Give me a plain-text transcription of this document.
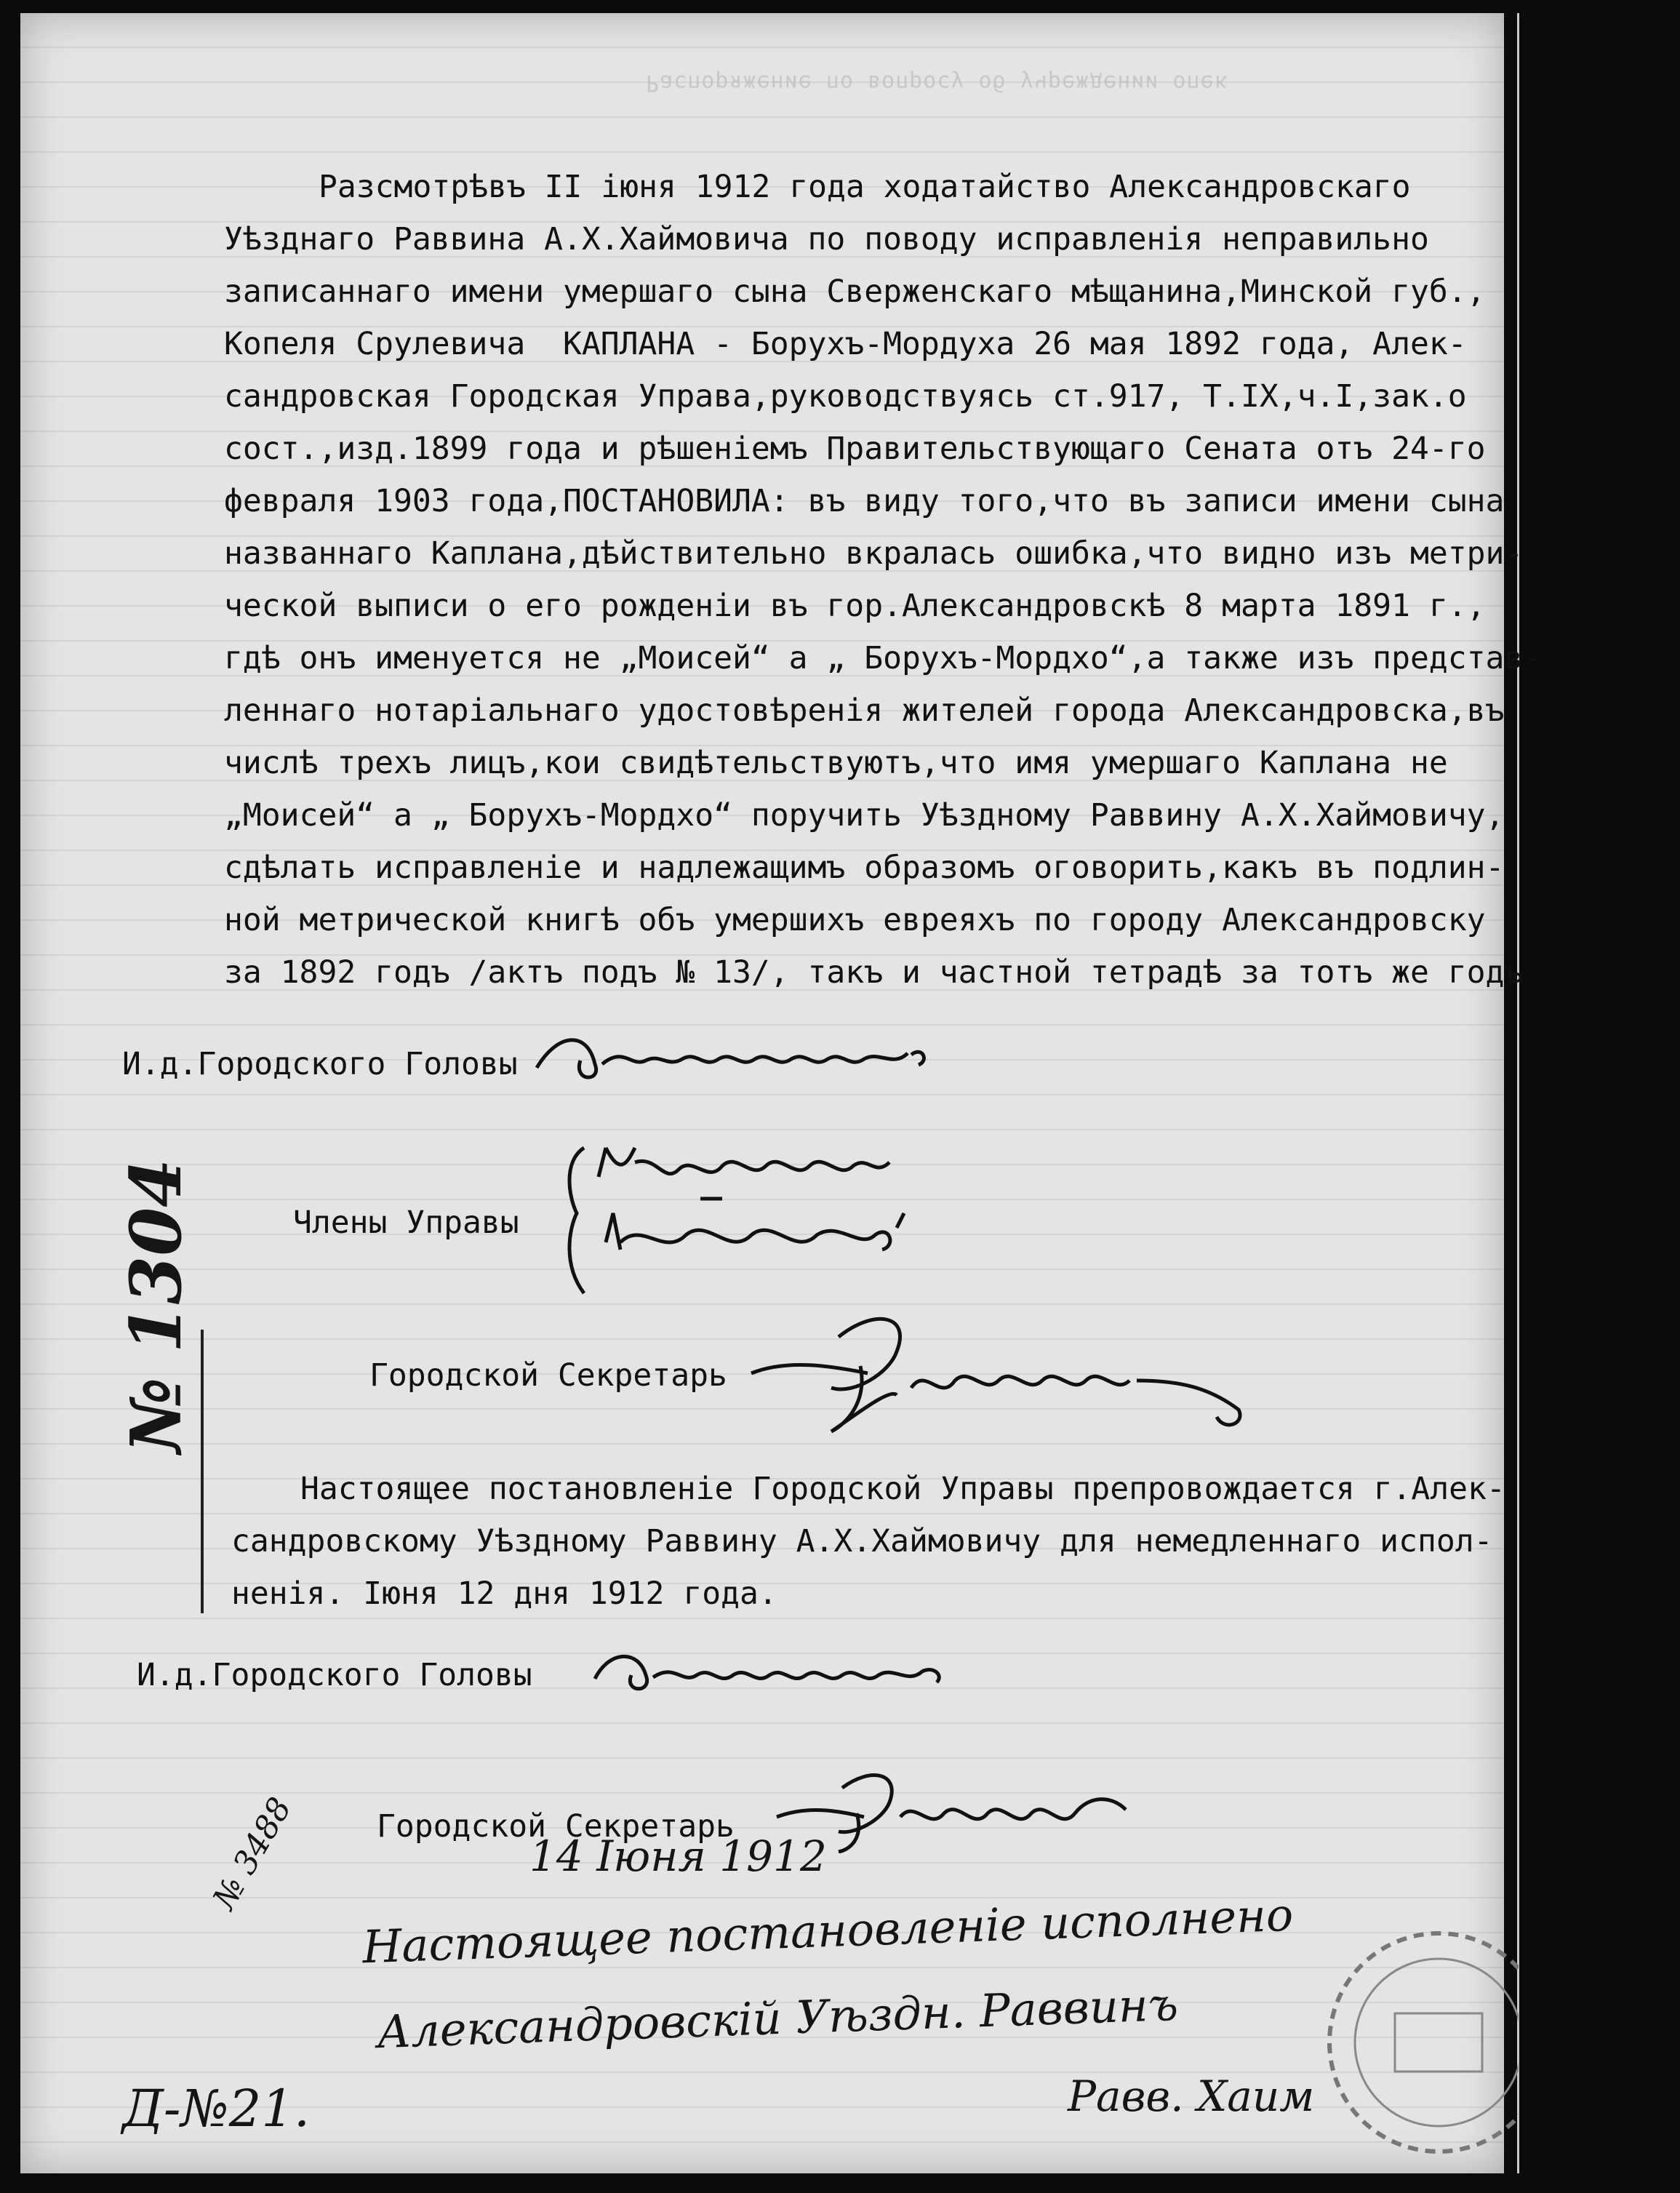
Распоряжение по вопросу об учреждении опек
Разсмотрѣвъ II іюня 1912 года ходатайство Александровскаго
Уѣзднаго Раввина А.Х.Хаймовича по поводу исправленія неправильно
записаннаго имени умершаго сына Сверженскаго мѣщанина,Минской губ.,
Копеля Срулевича  КАПЛАНА - Борухъ-Мордуха 26 мая 1892 года, Алек-
сандровская Городская Управа,руководствуясь ст.917, Т.IX,ч.I,зак.о
сост.,изд.1899 года и рѣшеніемъ Правительствующаго Сената отъ 24-го
февраля 1903 года,ПОСТАНОВИЛА: въ виду того,что въ записи имени сына
названнаго Каплана,дѣйствительно вкралась ошибка,что видно изъ метри-
ческой выписи о его рожденіи въ гор.Александровскѣ 8 марта 1891 г.,
гдѣ онъ именуется не „Моисей“ а „ Борухъ-Мордхо“,а также изъ представ-
леннаго нотаріальнаго удостовѣренія жителей города Александровска,въ
числѣ трехъ лицъ,кои свидѣтельствуютъ,что имя умершаго Каплана не
„Моисей“ а „ Борухъ-Мордхо“ поручить Уѣздному Раввину А.Х.Хаймовичу,
сдѣлать исправленіе и надлежащимъ образомъ оговорить,какъ въ подлин-
ной метрической книгѣ объ умершихъ евреяхъ по городу Александровску
за 1892 годъ /актъ подъ № 13/, такъ и частной тетрадѣ за тотъ же годъ
И.д.Городского Головы
Члены Управы
Городской Секретарь
№ 1304
Настоящее постановленіе Городской Управы препровождается г.Алек-
сандровскому Уѣздному Раввину А.Х.Хаймовичу для немедленнаго испол-
ненія. Іюня 12 дня 1912 года.
И.д.Городского Головы
Городской Секретарь
№ 3488	14 Іюня 1912
Настоящее постановленіе исполнено
Александровскій Уѣздн. Раввинъ
Равв. Хаим
Д-№21.
